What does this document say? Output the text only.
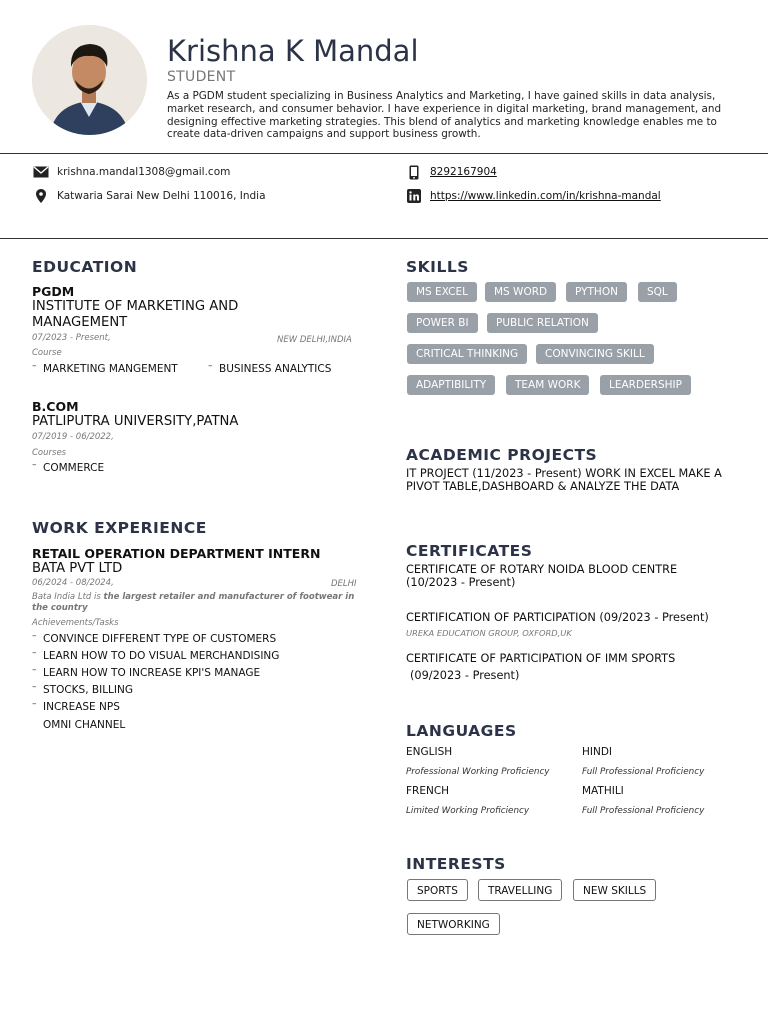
Krishna K Mandal
STUDENT
As a PGDM student specializing in Business Analytics and Marketing, I have gained skills in data analysis, market research, and consumer behavior. I have experience in digital marketing, brand management, and designing effective marketing strategies. This blend of analytics and marketing knowledge enables me to create data-driven campaigns and support business growth.
krishna.mandal1308@gmail.com	8292167904
Katwaria Sarai New Delhi 110016, India	https://www.linkedin.com/in/krishna-mandal
EDUCATION
PGDM
INSTITUTE OF MARKETING AND MANAGEMENT
07/2023 - Present,	NEW DELHI,INDIA
Course
– MARKETING MANGEMENT
–	BUSINESS ANALYTICS
B.COM
PATLIPUTRA UNIVERSITY,PATNA
07/2019 - 06/2022,
Courses
– COMMERCE
WORK EXPERIENCE
RETAIL OPERATION DEPARTMENT INTERN
BATA PVT LTD
06/2024 - 08/2024,	DELHI
Bata India Ltd is the largest retailer and manufacturer of footwear in the country
Achievements/Tasks
– CONVINCE DIFFERENT TYPE OF CUSTOMERS
– LEARN HOW TO DO VISUAL MERCHANDISING
– LEARN HOW TO INCREASE KPI'S MANAGE
– STOCKS, BILLING
– INCREASE NPS
OMNI CHANNEL
SKILLS
MS EXCEL	MS WORD	PYTHON	SQL
POWER BI	PUBLIC RELATION
CRITICAL THINKING	CONVINCING SKILL
ADAPTIBILITY	TEAM WORK	LEARDERSHIP
ACADEMIC PROJECTS
IT PROJECT (11/2023 - Present) WORK IN EXCEL MAKE A PIVOT TABLE,DASHBOARD & ANALYZE THE DATA
CERTIFICATES
CERTIFICATE OF ROTARY NOIDA BLOOD CENTRE (10/2023 - Present)
CERTIFICATION OF PARTICIPATION (09/2023 - Present)
UREKA EDUCATION GROUP, OXFORD,UK
CERTIFICATE OF PARTICIPATION OF IMM SPORTS
(09/2023 - Present)
LANGUAGES
ENGLISH
Professional Working Proficiency
HINDI
Full Professional Proficiency
FRENCH
Limited Working Proficiency
MATHILI
Full Professional Proficiency
INTERESTS
SPORTS	TRAVELLING	NEW SKILLS
NETWORKING
